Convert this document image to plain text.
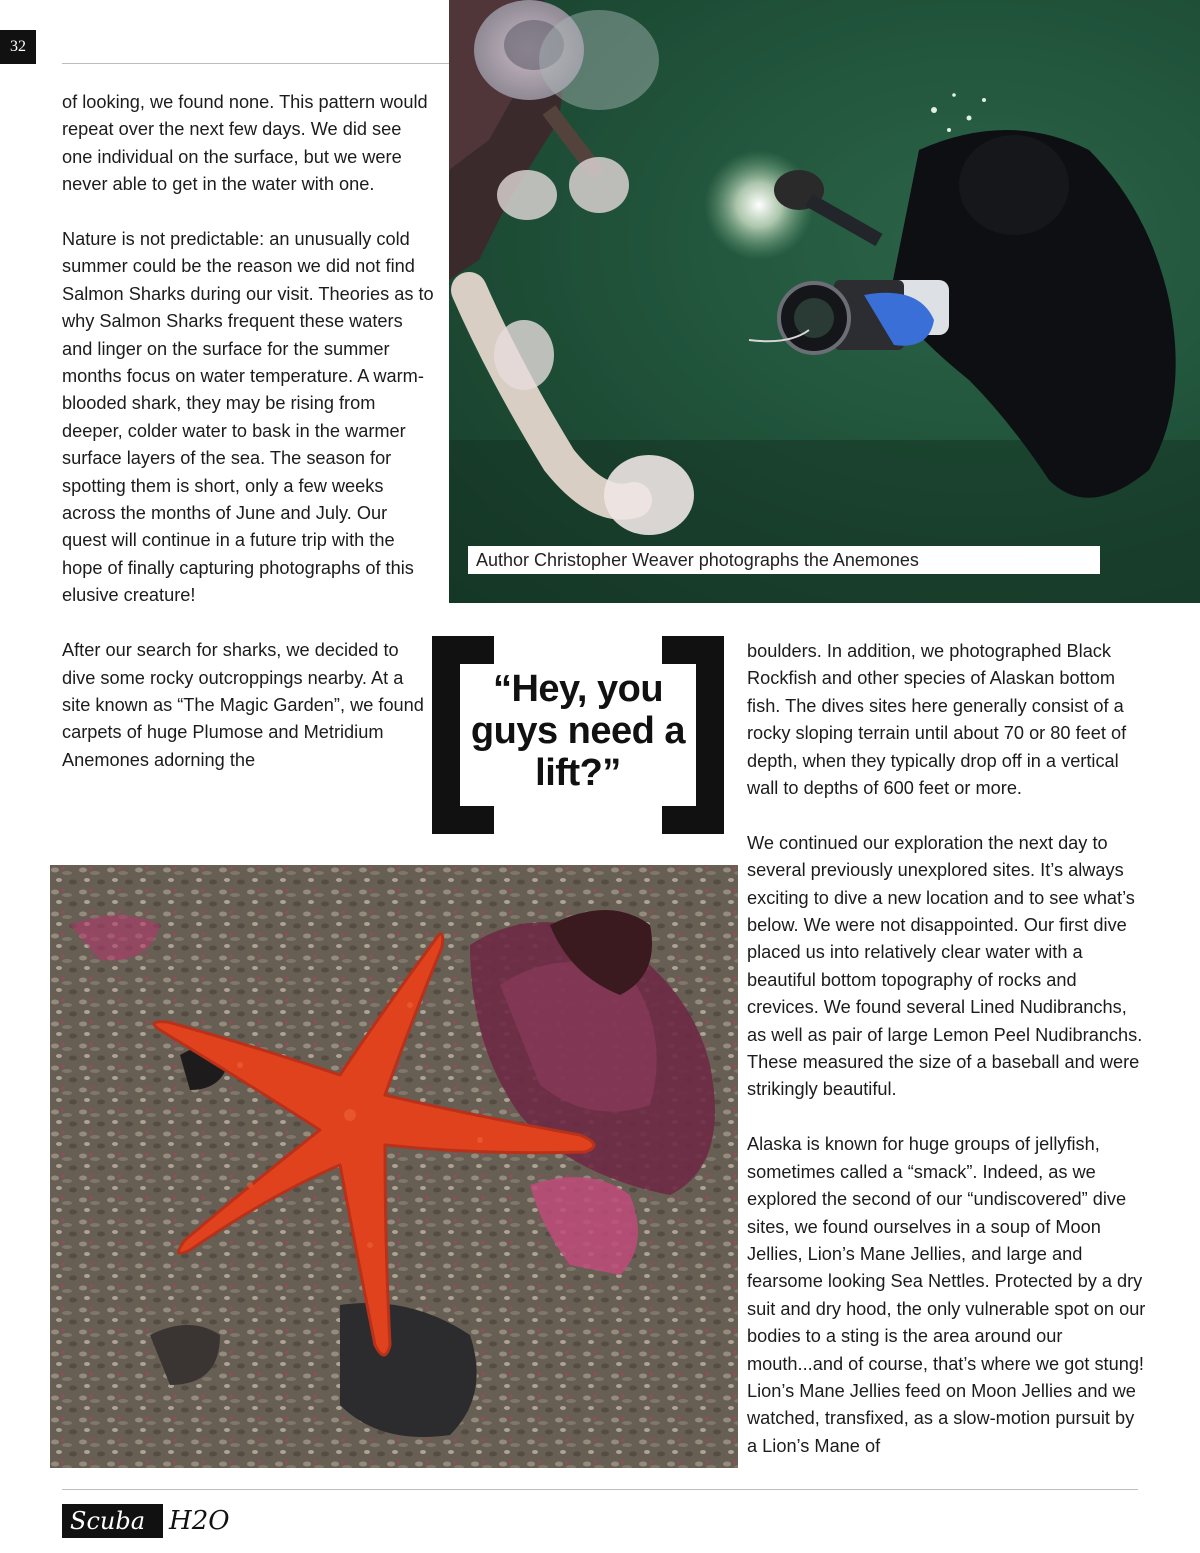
32

of looking, we found none. This pattern would repeat over the next few days. We did see one individual on the surface, but we were never able to get in the water with one.

Nature is not predictable: an unusually cold summer could be the reason we did not find Salmon Sharks during our visit. Theories as to why Salmon Sharks frequent these waters and linger on the surface for the summer months focus on water temperature. A warm-blooded shark, they may be rising from deeper, colder water to bask in the warmer surface layers of the sea. The season for spotting them is short, only a few weeks across the months of June and July. Our quest will continue in a future trip with the hope of finally capturing photographs of this elusive creature!

After our search for sharks, we decided to dive some rocky outcroppings nearby. At a site known as “The Magic Garden”, we found carpets of huge Plumose and Metridium Anemones adorning the

Author Christopher Weaver photographs the Anemones
“Hey, you guys need a lift?”

boulders. In addition, we photographed Black Rockfish and other species of Alaskan bottom fish. The dives sites here generally consist of a rocky sloping terrain until about 70 or 80 feet of depth, when they typically drop off in a vertical wall to depths of 600 feet or more.

We continued our exploration the next day to several previously unexplored sites. It’s always exciting to dive a new location and to see what’s below. We were not disappointed. Our first dive placed us into relatively clear water with a beautiful bottom topography of rocks and crevices. We found several Lined Nudibranchs, as well as pair of large Lemon Peel Nudibranchs. These measured the size of a baseball and were strikingly beautiful.

Alaska is known for huge groups of jellyfish, sometimes called a “smack”. Indeed, as we explored the second of our “undiscovered” dive sites, we found ourselves in a soup of Moon Jellies, Lion’s Mane Jellies, and large and fearsome looking Sea Nettles. Protected by a dry suit and dry hood, the only vulnerable spot on our bodies to a sting is the area around our mouth...and of course, that’s where we got stung! Lion’s Mane Jellies feed on Moon Jellies and we watched, transfixed, as a slow-motion pursuit by a Lion’s Mane of

Scuba H2O
